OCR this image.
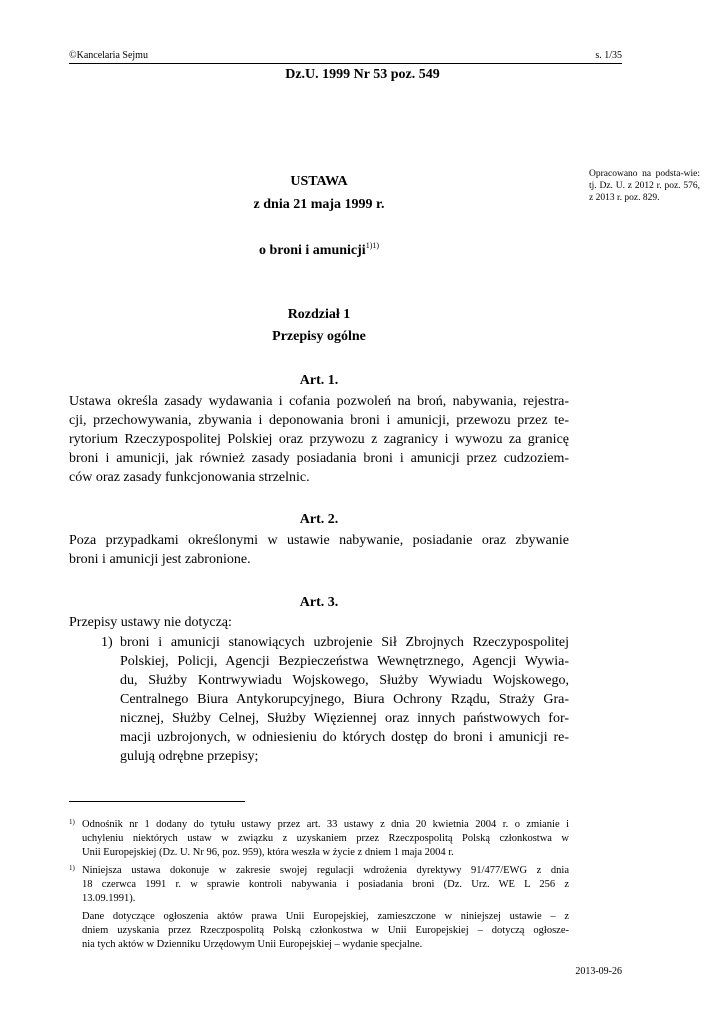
©Kancelaria Sejmu	s. 1/35
Dz.U. 1999 Nr 53 poz. 549
Opracowano na podsta-wie: tj. Dz. U. z 2012 r. poz. 576, z 2013 r. poz. 829.
USTAWA
z dnia 21 maja 1999 r.
o broni i amunicji$^{1)1)}$
Rozdział 1
Przepisy ogólne
Art. 1.
Ustawa określa zasady wydawania i cofania pozwoleń na broń, nabywania, rejestra-
cji, przechowywania, zbywania i deponowania broni i amunicji, przewozu przez te-
rytorium Rzeczypospolitej Polskiej oraz przywozu z zagranicy i wywozu za granicę
broni i amunicji, jak również zasady posiadania broni i amunicji przez cudzoziem-
ców oraz zasady funkcjonowania strzelnic.
Art. 2.
Poza przypadkami określonymi w ustawie nabywanie, posiadanie oraz zbywanie
broni i amunicji jest zabronione.
Art. 3.
Przepisy ustawy nie dotyczą:
1) broni i amunicji stanowiących uzbrojenie Sił Zbrojnych Rzeczypospolitej
Polskiej, Policji, Agencji Bezpieczeństwa Wewnętrznego, Agencji Wywia-
du, Służby Kontrwywiadu Wojskowego, Służby Wywiadu Wojskowego,
Centralnego Biura Antykorupcyjnego, Biura Ochrony Rządu, Straży Gra-
nicznej, Służby Celnej, Służby Więziennej oraz innych państwowych for-
macji uzbrojonych, w odniesieniu do których dostęp do broni i amunicji re-
gulują odrębne przepisy;
1) Odnośnik nr 1 dodany do tytułu ustawy przez art. 33 ustawy z dnia 20 kwietnia 2004 r. o zmianie i
uchyleniu niektórych ustaw w związku z uzyskaniem przez Rzeczpospolitą Polską członkostwa w
Unii Europejskiej (Dz. U. Nr 96, poz. 959), która weszła w życie z dniem 1 maja 2004 r.
1) Niniejsza ustawa dokonuje w zakresie swojej regulacji wdrożenia dyrektywy 91/477/EWG z dnia
18 czerwca 1991 r. w sprawie kontroli nabywania i posiadania broni (Dz. Urz. WE L 256 z
13.09.1991).
Dane dotyczące ogłoszenia aktów prawa Unii Europejskiej, zamieszczone w niniejszej ustawie – z
dniem uzyskania przez Rzeczpospolitą Polską członkostwa w Unii Europejskiej – dotyczą ogłosze-
nia tych aktów w Dzienniku Urzędowym Unii Europejskiej – wydanie specjalne.
2013-09-26
